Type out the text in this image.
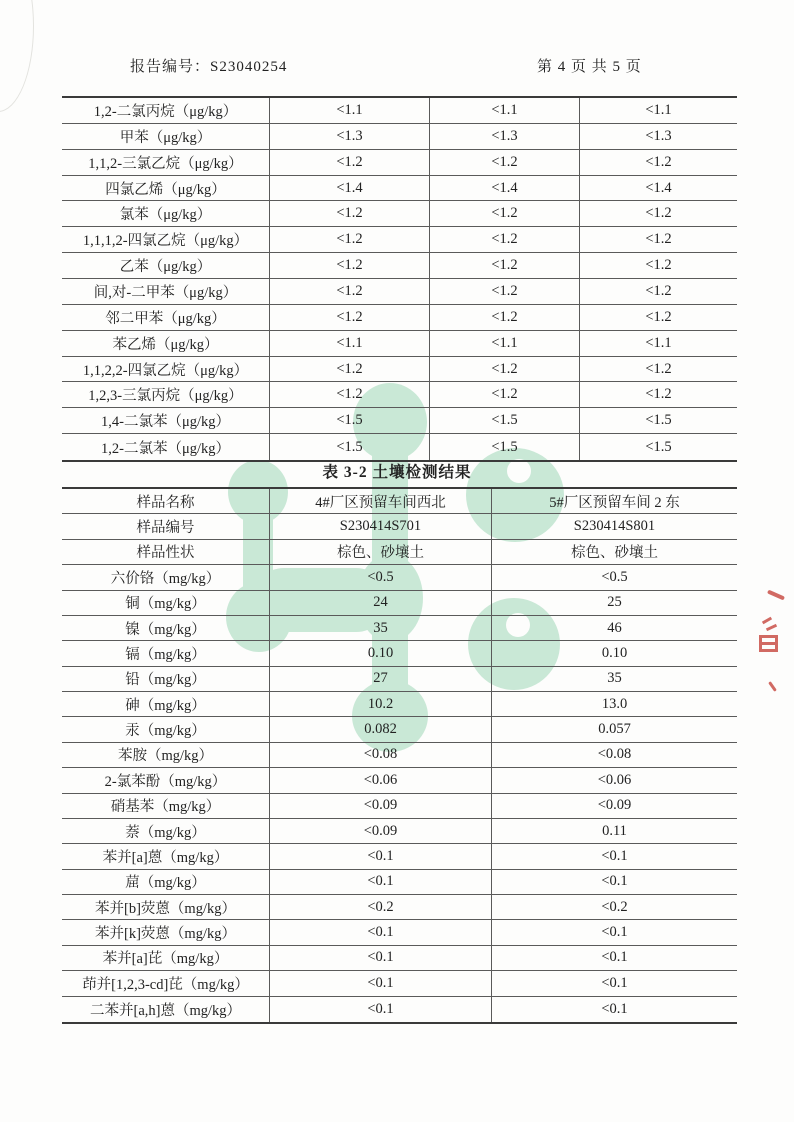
报告编号：S23040254	第 4 页 共 5 页
1,2-二氯丙烷（μg/kg）	<1.1	<1.1	<1.1
甲苯（μg/kg）	<1.3	<1.3	<1.3
1,1,2-三氯乙烷（μg/kg）	<1.2	<1.2	<1.2
四氯乙烯（μg/kg）	<1.4	<1.4	<1.4
氯苯（μg/kg）	<1.2	<1.2	<1.2
1,1,1,2-四氯乙烷（μg/kg）	<1.2	<1.2	<1.2
乙苯（μg/kg）	<1.2	<1.2	<1.2
间,对-二甲苯（μg/kg）	<1.2	<1.2	<1.2
邻二甲苯（μg/kg）	<1.2	<1.2	<1.2
苯乙烯（μg/kg）	<1.1	<1.1	<1.1
1,1,2,2-四氯乙烷（μg/kg）	<1.2	<1.2	<1.2
1,2,3-三氯丙烷（μg/kg）	<1.2	<1.2	<1.2
1,4-二氯苯（μg/kg）	<1.5	<1.5	<1.5
1,2-二氯苯（μg/kg）	<1.5	<1.5	<1.5
表 3-2 土壤检测结果
样品名称	4#厂区预留车间西北	5#厂区预留车间 2 东
样品编号	S230414S701	S230414S801
样品性状	棕色、砂壤土	棕色、砂壤土
六价铬（mg/kg）	<0.5	<0.5
铜（mg/kg）	24	25
镍（mg/kg）	35	46
镉（mg/kg）	0.10	0.10
铅（mg/kg）	27	35
砷（mg/kg）	10.2	13.0
汞（mg/kg）	0.082	0.057
苯胺（mg/kg）	<0.08	<0.08
2-氯苯酚（mg/kg）	<0.06	<0.06
硝基苯（mg/kg）	<0.09	<0.09
萘（mg/kg）	<0.09	0.11
苯并[a]蒽（mg/kg）	<0.1	<0.1
䓛（mg/kg）	<0.1	<0.1
苯并[b]荧蒽（mg/kg）	<0.2	<0.2
苯并[k]荧蒽（mg/kg）	<0.1	<0.1
苯并[a]芘（mg/kg）	<0.1	<0.1
茚并[1,2,3-cd]芘（mg/kg）	<0.1	<0.1
二苯并[a,h]蒽（mg/kg）	<0.1	<0.1
